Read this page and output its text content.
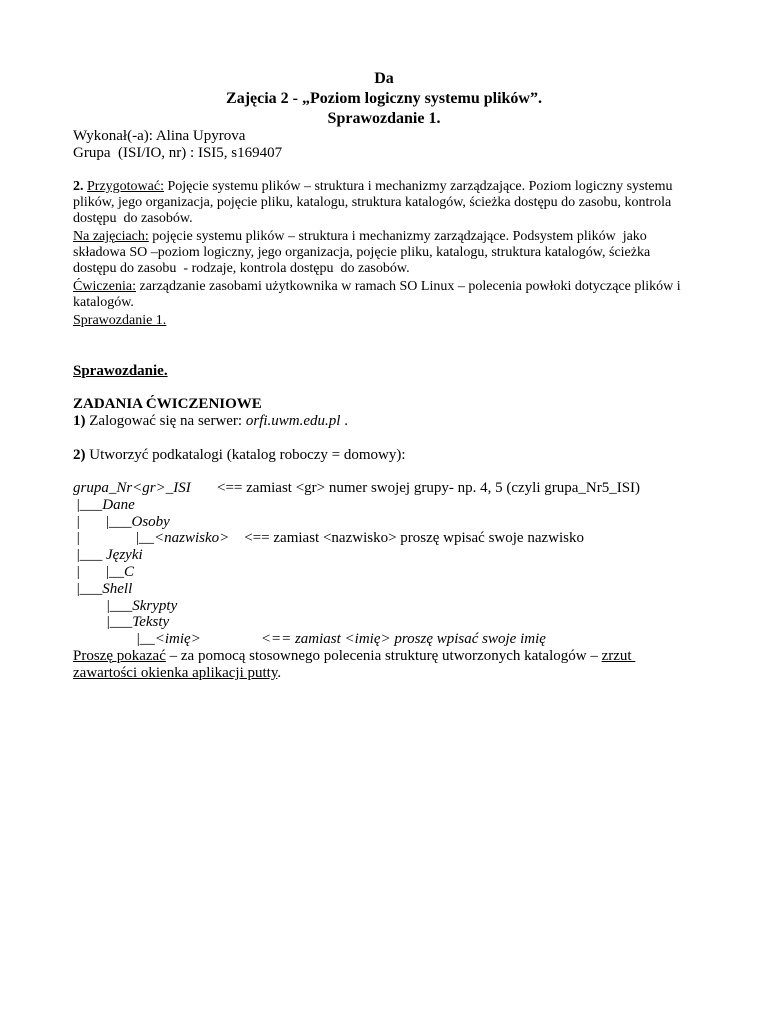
Da
Zajęcia 2 - „Poziom logiczny systemu plików”.
Sprawozdanie 1.
Wykonał(-a): Alina Upyrova
Grupa  (ISI/IO, nr) : ISI5, s169407
2. Przygotować: Pojęcie systemu plików – struktura i mechanizmy zarządzające. Poziom logiczny systemu
plików, jego organizacja, pojęcie pliku, katalogu, struktura katalogów, ścieżka dostępu do zasobu, kontrola
dostępu  do zasobów.
Na zajęciach: pojęcie systemu plików – struktura i mechanizmy zarządzające. Podsystem plików  jako
składowa SO –poziom logiczny, jego organizacja, pojęcie pliku, katalogu, struktura katalogów, ścieżka
dostępu do zasobu  - rodzaje, kontrola dostępu  do zasobów.
Ćwiczenia: zarządzanie zasobami użytkownika w ramach SO Linux – polecenia powłoki dotyczące plików i
katalogów.
Sprawozdanie 1.
Sprawozdanie.
ZADANIA ĆWICZENIOWE
1) Zalogować się na serwer: orfi.uwm.edu.pl .
2) Utworzyć podkatalogi (katalog roboczy = domowy):
grupa_Nr<gr>_ISI       <== zamiast <gr> numer swojej grupy- np. 4, 5 (czyli grupa_Nr5_ISI)
|___Dane
|       |___Osoby
|               |__<nazwisko>    <== zamiast <nazwisko> proszę wpisać swoje nazwisko
|___ Języki
|       |__C
|___Shell
|___Skrypty
|___Teksty
|__<imię>                <== zamiast <imię> proszę wpisać swoje imię
Proszę pokazać – za pomocą stosownego polecenia strukturę utworzonych katalogów – zrzut
zawartości okienka aplikacji putty.
